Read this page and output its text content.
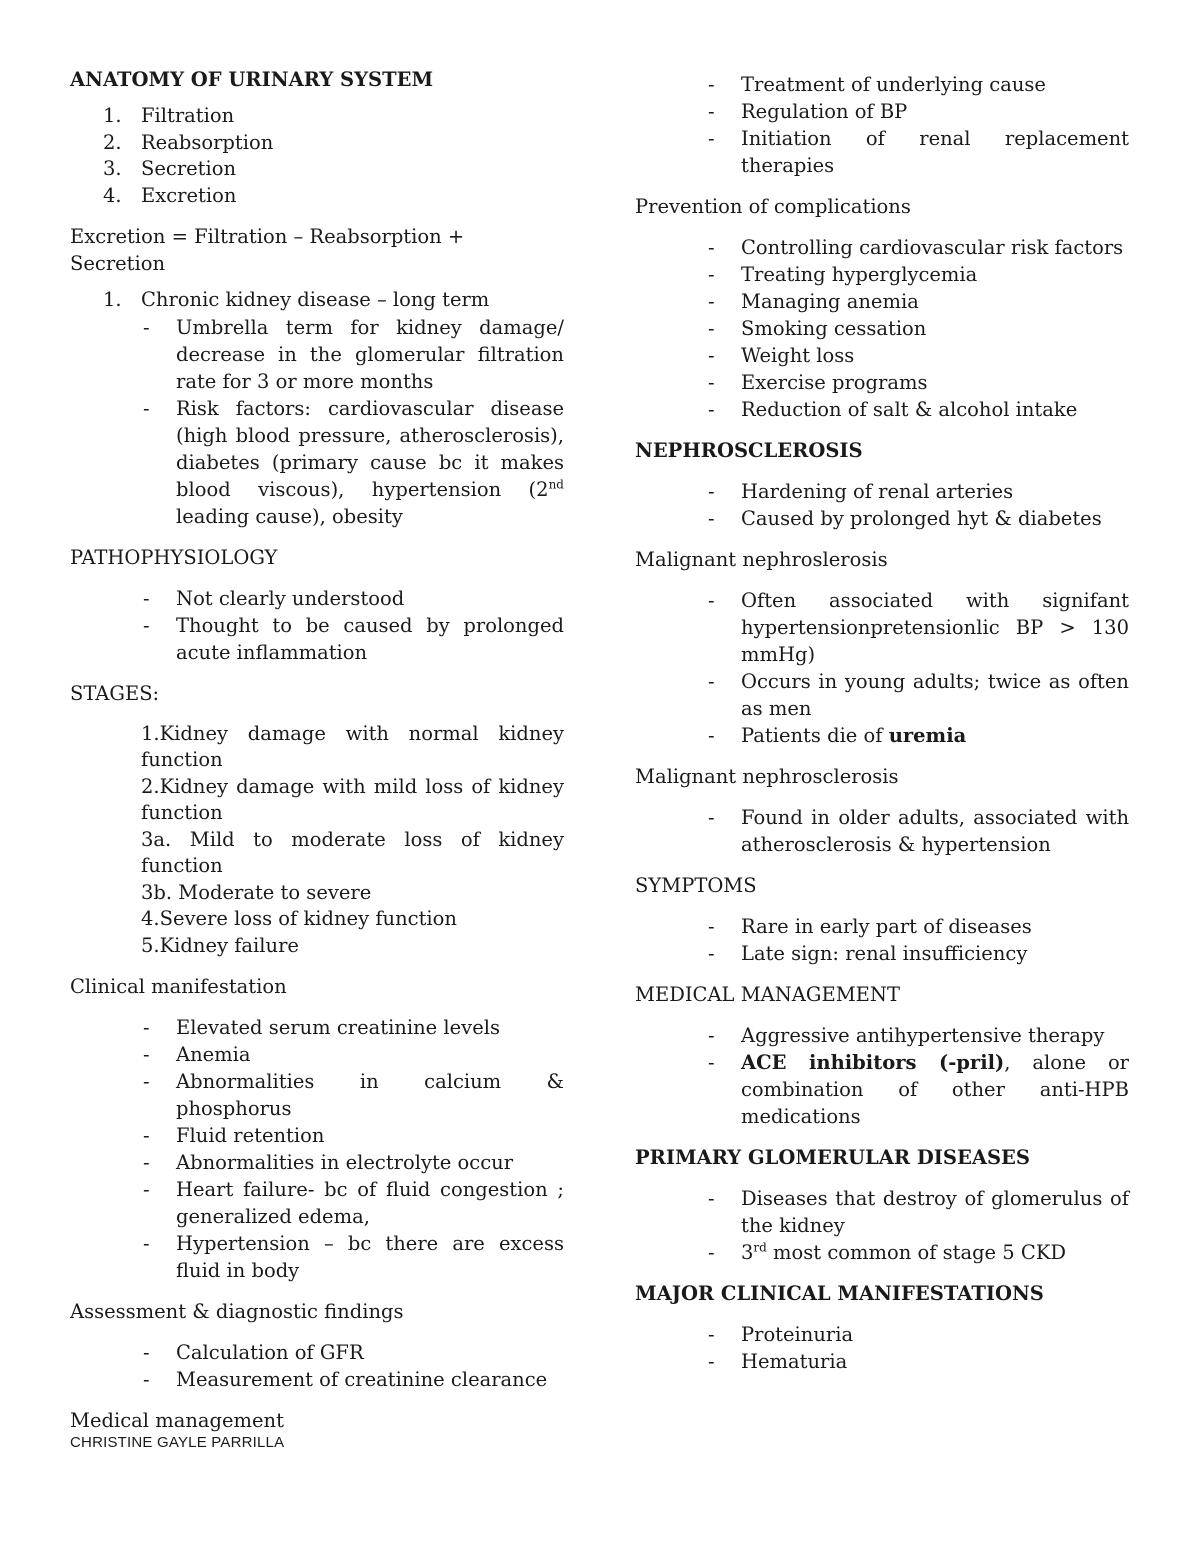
ANATOMY OF URINARY SYSTEM

1. Filtration
2. Reabsorption
3. Secretion
4. Excretion

Excretion = Filtration – Reabsorption + Secretion

1. Chronic kidney disease – long term
- Umbrella term for kidney damage/ decrease in the glomerular filtration rate for 3 or more months
- Risk factors: cardiovascular disease (high blood pressure, atherosclerosis), diabetes (primary cause bc it makes blood viscous), hypertension (2nd leading cause), obesity

PATHOPHYSIOLOGY

- Not clearly understood
- Thought to be caused by prolonged acute inflammation

STAGES:

1.Kidney damage with normal kidney function
2.Kidney damage with mild loss of kidney function
3a. Mild to moderate loss of kidney function
3b. Moderate to severe
4.Severe loss of kidney function
5.Kidney failure

Clinical manifestation

- Elevated serum creatinine levels
- Anemia
- Abnormalities in calcium & phosphorus
- Fluid retention
- Abnormalities in electrolyte occur
- Heart failure- bc of fluid congestion ; generalized edema,
- Hypertension – bc there are excess fluid in body

Assessment & diagnostic findings

- Calculation of GFR
- Measurement of creatinine clearance

Medical management

- Treatment of underlying cause
- Regulation of BP
- Initiation of renal replacement therapies

Prevention of complications

- Controlling cardiovascular risk factors
- Treating hyperglycemia
- Managing anemia
- Smoking cessation
- Weight loss
- Exercise programs
- Reduction of salt & alcohol intake

NEPHROSCLEROSIS

- Hardening of renal arteries
- Caused by prolonged hyt & diabetes

Malignant nephroslerosis

- Often associated with signifant hypertensionpretensionlic BP > 130 mmHg)
- Occurs in young adults; twice as often as men
- Patients die of uremia

Malignant nephrosclerosis

- Found in older adults, associated with atherosclerosis & hypertension

SYMPTOMS

- Rare in early part of diseases
- Late sign: renal insufficiency

MEDICAL MANAGEMENT

- Aggressive antihypertensive therapy
- ACE inhibitors (-pril), alone or combination of other anti-HPB medications

PRIMARY GLOMERULAR DISEASES

- Diseases that destroy of glomerulus of the kidney
- 3rd most common of stage 5 CKD

MAJOR CLINICAL MANIFESTATIONS

- Proteinuria
- Hematuria
CHRISTINE GAYLE PARRILLA
